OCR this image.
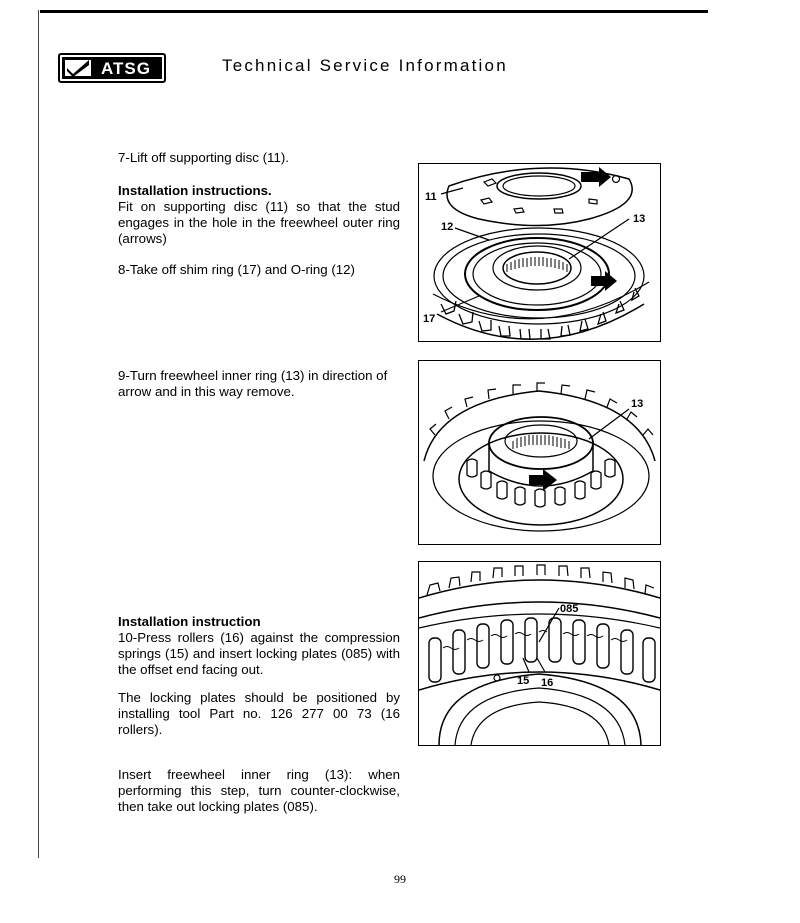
ATSG	Technical Service Information

7-Lift off supporting disc (11).

Installation instructions.

Fit on supporting disc (11) so that the stud engages in the hole in the freewheel outer ring (arrows)

8-Take off shim ring (17) and O-ring (12)

9-Turn freewheel inner ring (13) in direction of arrow and in this way remove.

Installation instruction

10-Press rollers (16) against the compression springs (15) and insert locking plates (085) with the offset end facing out.

The locking plates should be positioned by installing tool Part no. 126 277 00 73 (16 rollers).

Insert freewheel inner ring (13): when performing this step, turn counter-clockwise, then take out locking plates (085).

11
12
13
17
13
085
15 16
99
